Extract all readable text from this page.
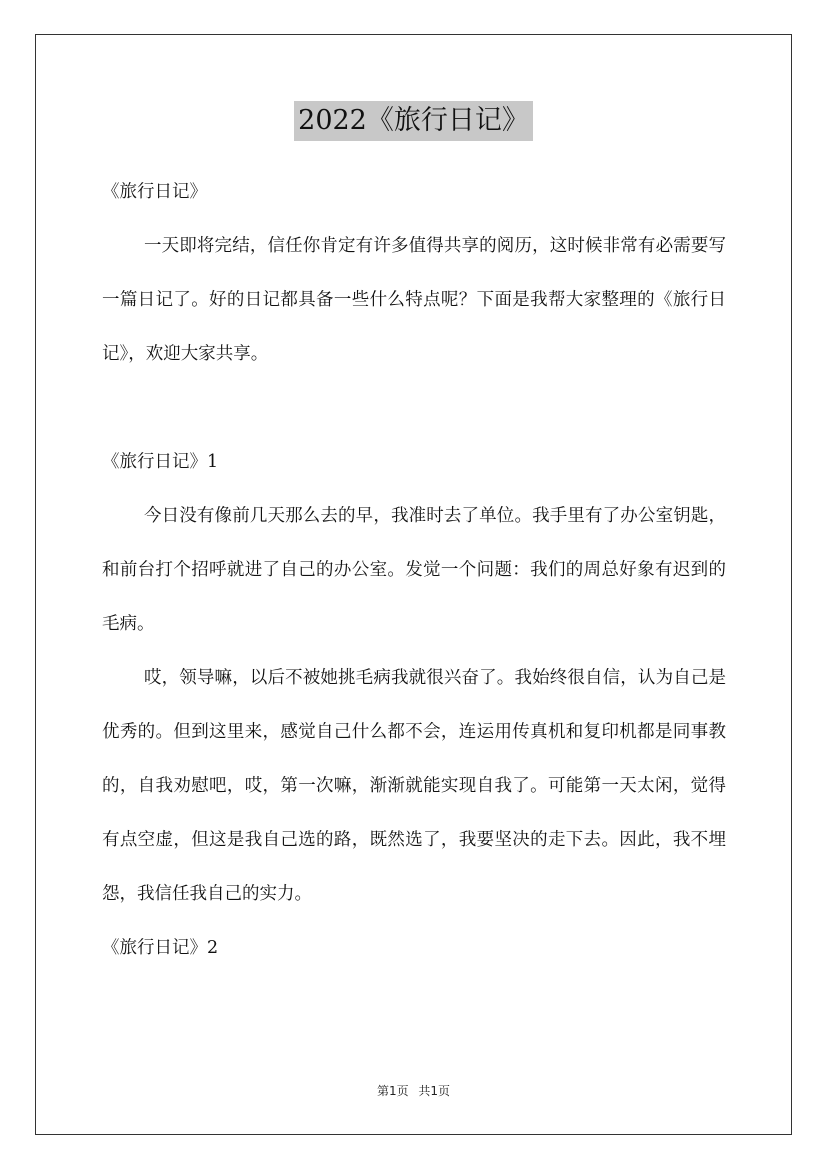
2022《旅行日记》

《旅行日记》

一天即将完结，信任你肯定有许多值得共享的阅历，这时候非常有必需要写一篇日记了。好的日记都具备一些什么特点呢？下面是我帮大家整理的《旅行日记》，欢迎大家共享。

《旅行日记》1

今日没有像前几天那么去的早，我准时去了单位。我手里有了办公室钥匙，和前台打个招呼就进了自己的办公室。发觉一个问题：我们的周总好象有迟到的毛病。

哎，领导嘛，以后不被她挑毛病我就很兴奋了。我始终很自信，认为自己是优秀的。但到这里来，感觉自己什么都不会，连运用传真机和复印机都是同事教的，自我劝慰吧，哎，第一次嘛，渐渐就能实现自我了。可能第一天太闲，觉得有点空虚，但这是我自己选的路，既然选了，我要坚决的走下去。因此，我不埋怨，我信任我自己的实力。

《旅行日记》2

第1页 共1页
